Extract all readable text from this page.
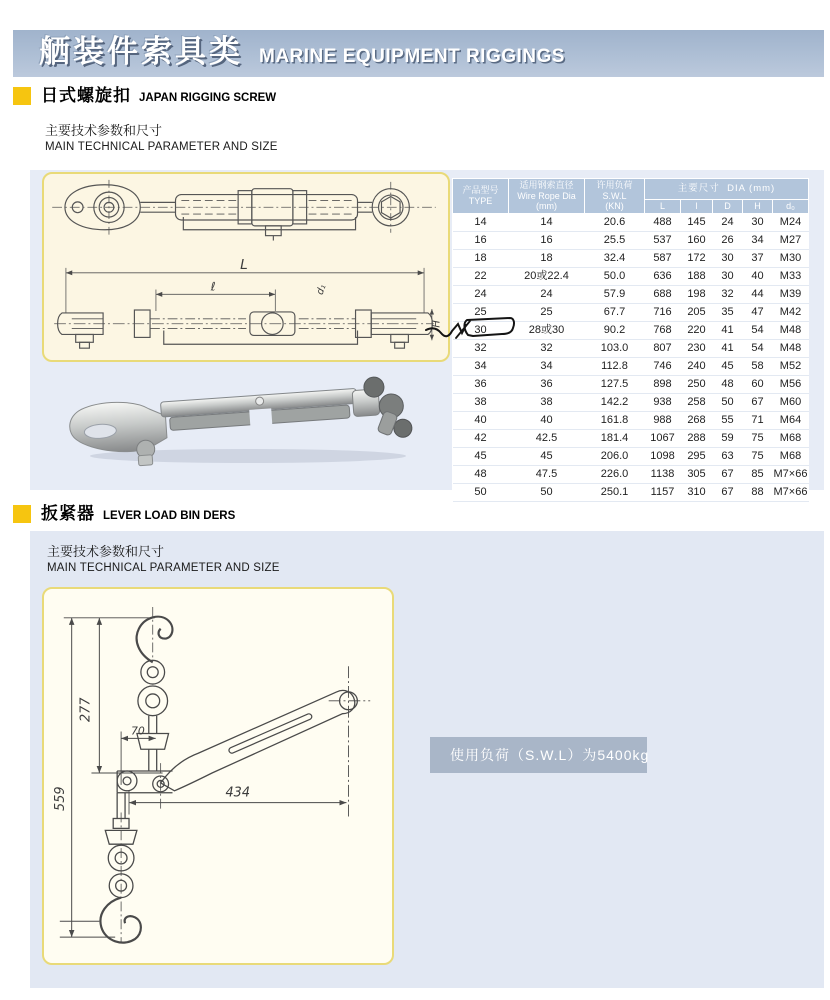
舾装件索具类 MARINE EQUIPMENT RIGGINGS
日式螺旋扣 JAPAN RIGGING SCREW
主要技术参数和尺寸
MAIN TECHNICAL PARAMETER AND SIZE
L
ℓ	d₁
H
产品型号
TYPE

适用钢索直径
Wire Rope Dia
(mm)

许用负荷
S.W.L
(KN)
	主要尺寸 DIA (mm)
			L	l	D	H	d₀
14	14	20.6	488	145	24	30	M24
16	16	25.5	537	160	26	34	M27
18	18	32.4	587	172	30	37	M30
22	20或22.4	50.0	636	188	30	40	M33
24	24	57.9	688	198	32	44	M39
25	25	67.7	716	205	35	47	M42
30	28或30	90.2	768	220	41	54	M48
32	32	103.0	807	230	41	54	M48
34	34	112.8	746	240	45	58	M52
36	36	127.5	898	250	48	60	M56
38	38	142.2	938	258	50	67	M60
40	40	161.8	988	268	55	71	M64
42	42.5	181.4	1067	288	59	75	M68
45	45	206.0	1098	295	63	75	M68
48	47.5	226.0	1138	305	67	85	M7×66
50	50	250.1	1157	310	67	88	M7×66
扳紧器 LEVER LOAD BIN DERS
主要技术参数和尺寸
MAIN TECHNICAL PARAMETER AND SIZE
277
559
70
434
使用负荷（S.W.L）为5400kg
